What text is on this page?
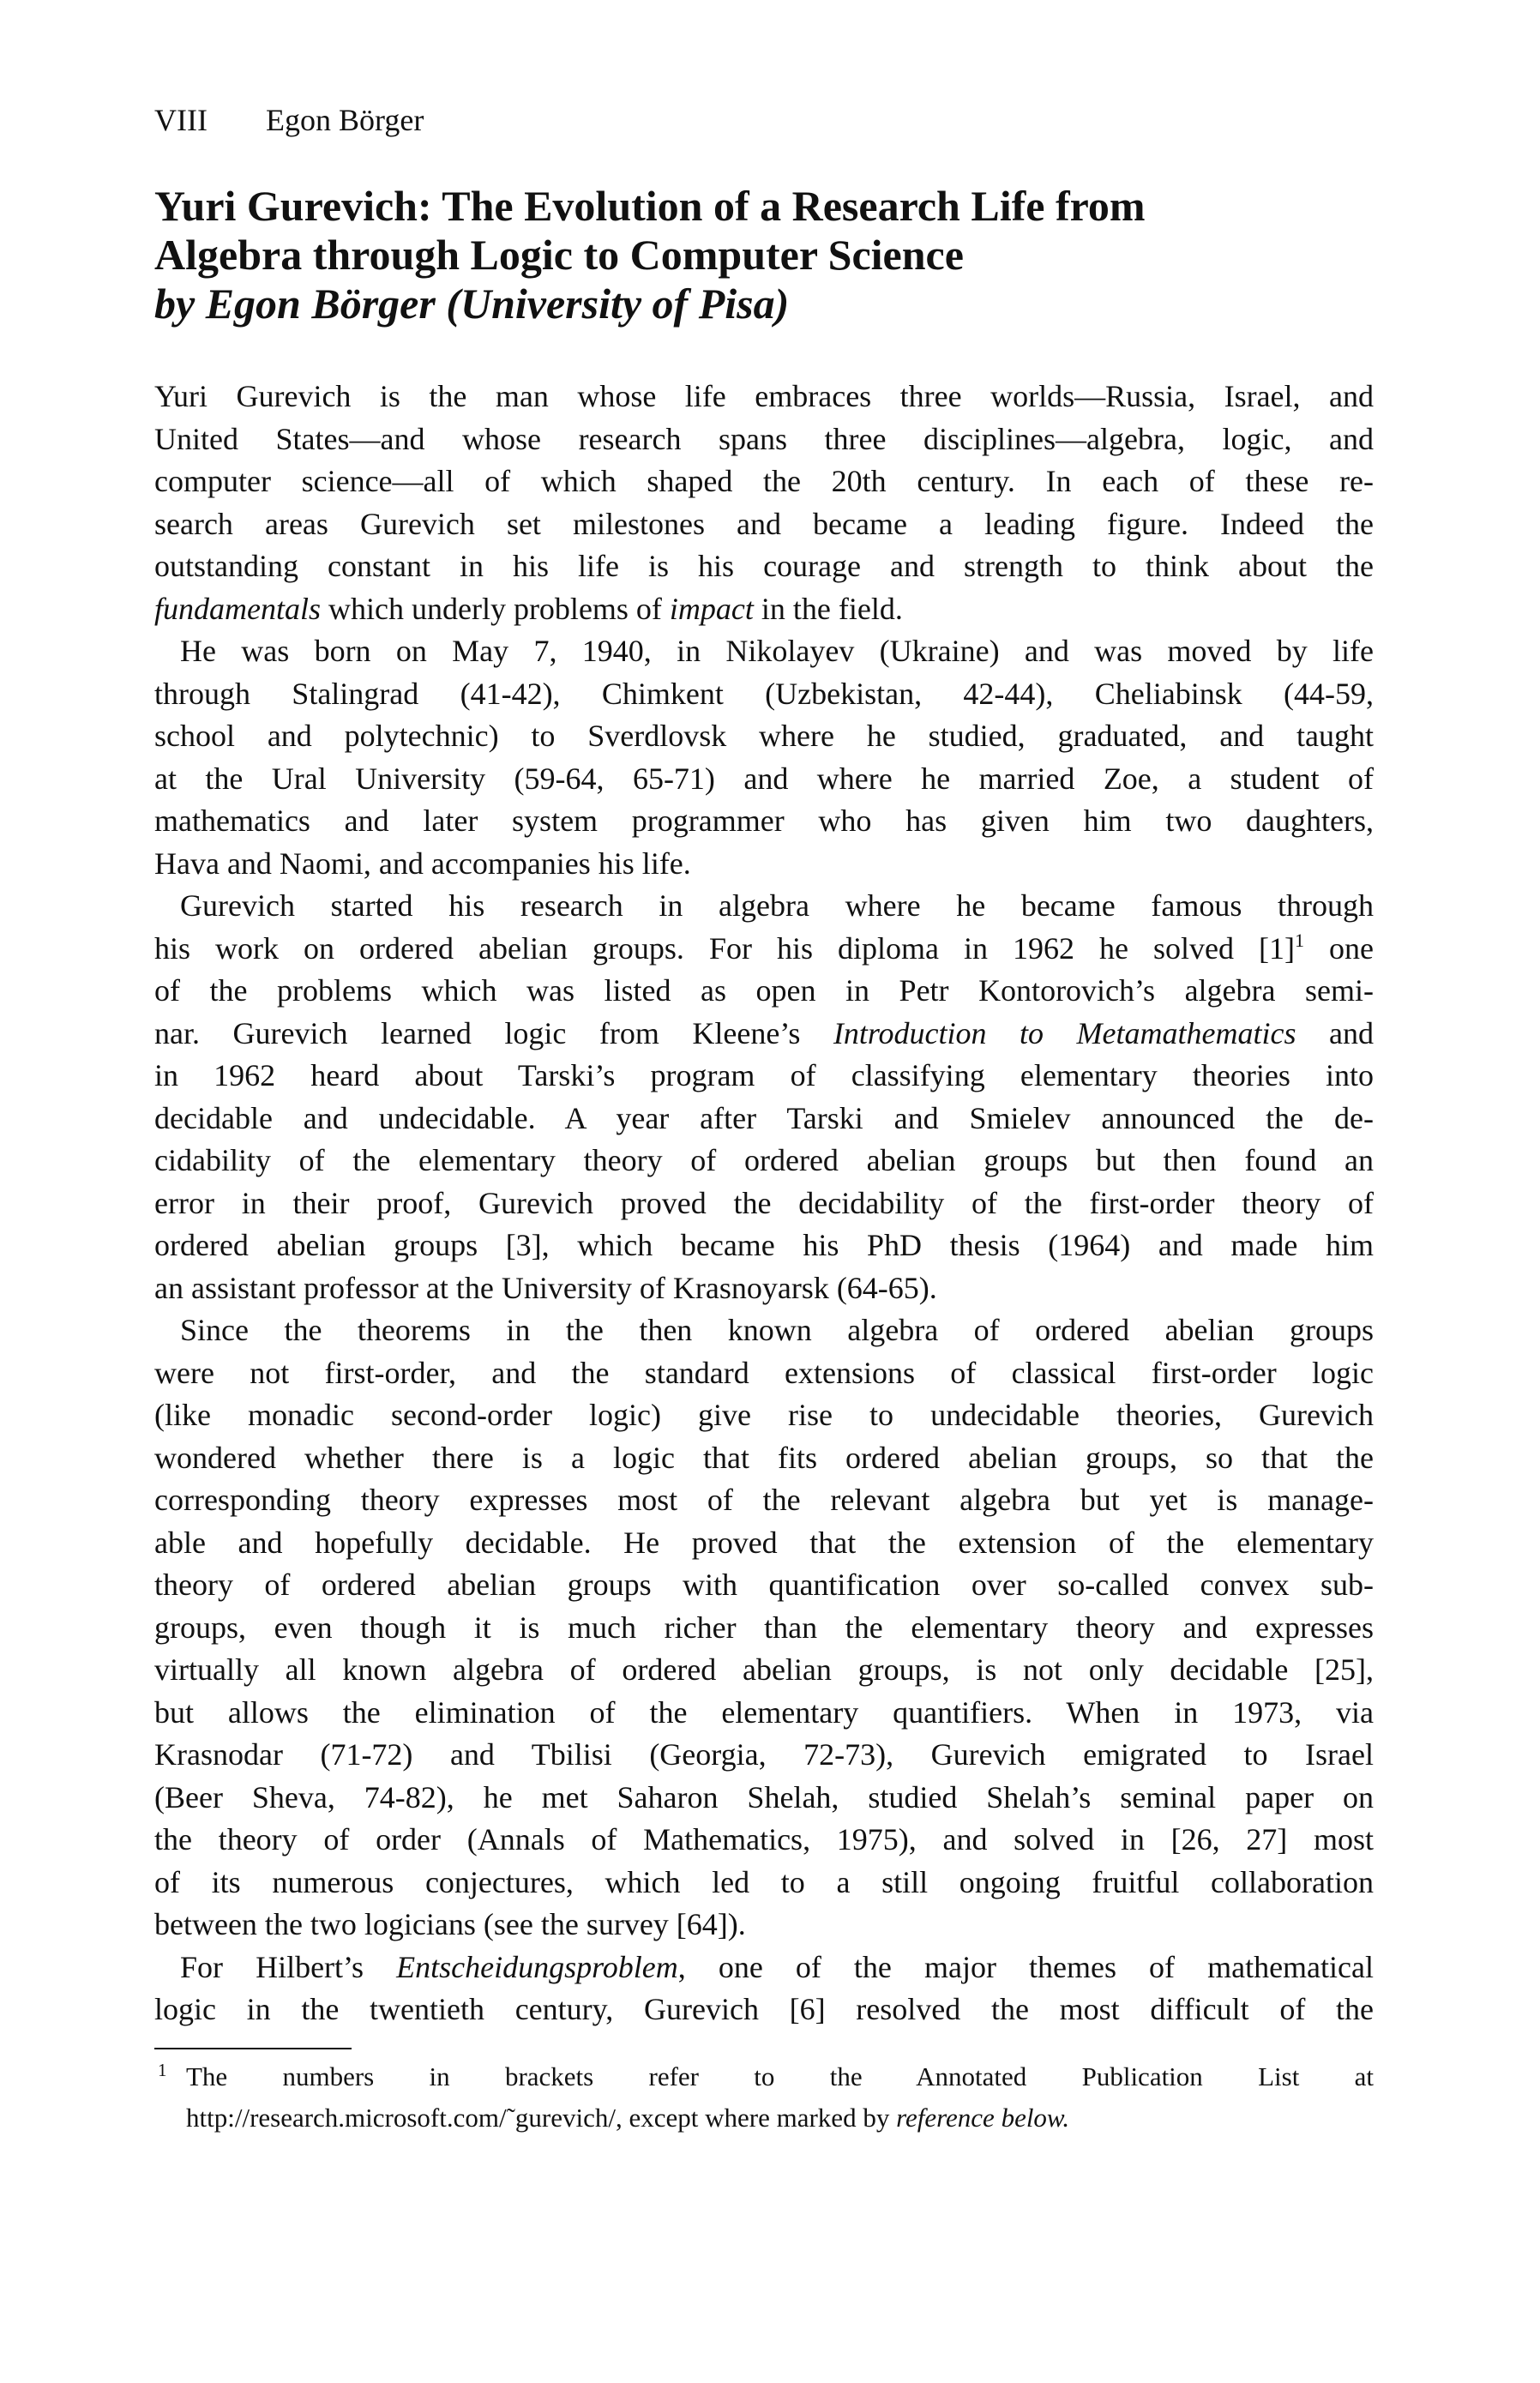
VIII Egon Börger
Yuri Gurevich: The Evolution of a Research Life from
Algebra through Logic to Computer Science
by Egon Börger (University of Pisa)
Yuri Gurevich is the man whose life embraces three worlds—Russia, Israel, and
United States—and whose research spans three disciplines—algebra, logic, and
computer science—all of which shaped the 20th century. In each of these re-
search areas Gurevich set milestones and became a leading figure. Indeed the
outstanding constant in his life is his courage and strength to think about the
fundamentals which underly problems of impact in the field.
He was born on May 7, 1940, in Nikolayev (Ukraine) and was moved by life
through Stalingrad (41-42), Chimkent (Uzbekistan, 42-44), Cheliabinsk (44-59,
school and polytechnic) to Sverdlovsk where he studied, graduated, and taught
at the Ural University (59-64, 65-71) and where he married Zoe, a student of
mathematics and later system programmer who has given him two daughters,
Hava and Naomi, and accompanies his life.
Gurevich started his research in algebra where he became famous through
his work on ordered abelian groups. For his diploma in 1962 he solved $[1]^1$ one
of the problems which was listed as open in Petr Kontorovich’s algebra semi-
nar. Gurevich learned logic from Kleene’s Introduction to Metamathematics and
in 1962 heard about Tarski’s program of classifying elementary theories into
decidable and undecidable. A year after Tarski and Smielev announced the de-
cidability of the elementary theory of ordered abelian groups but then found an
error in their proof, Gurevich proved the decidability of the first-order theory of
ordered abelian groups [3], which became his PhD thesis (1964) and made him
an assistant professor at the University of Krasnoyarsk (64-65).
Since the theorems in the then known algebra of ordered abelian groups
were not first-order, and the standard extensions of classical first-order logic
(like monadic second-order logic) give rise to undecidable theories, Gurevich
wondered whether there is a logic that fits ordered abelian groups, so that the
corresponding theory expresses most of the relevant algebra but yet is manage-
able and hopefully decidable. He proved that the extension of the elementary
theory of ordered abelian groups with quantification over so-called convex sub-
groups, even though it is much richer than the elementary theory and expresses
virtually all known algebra of ordered abelian groups, is not only decidable [25],
but allows the elimination of the elementary quantifiers. When in 1973, via
Krasnodar (71-72) and Tbilisi (Georgia, 72-73), Gurevich emigrated to Israel
(Beer Sheva, 74-82), he met Saharon Shelah, studied Shelah’s seminal paper on
the theory of order (Annals of Mathematics, 1975), and solved in [26, 27] most
of its numerous conjectures, which led to a still ongoing fruitful collaboration
between the two logicians (see the survey [64]).
For Hilbert’s Entscheidungsproblem, one of the major themes of mathematical
logic in the twentieth century, Gurevich [6] resolved the most difficult of the
1 The numbers in brackets refer to the Annotated Publication List at
http://research.microsoft.com/˜gurevich/, except where marked by reference below.
